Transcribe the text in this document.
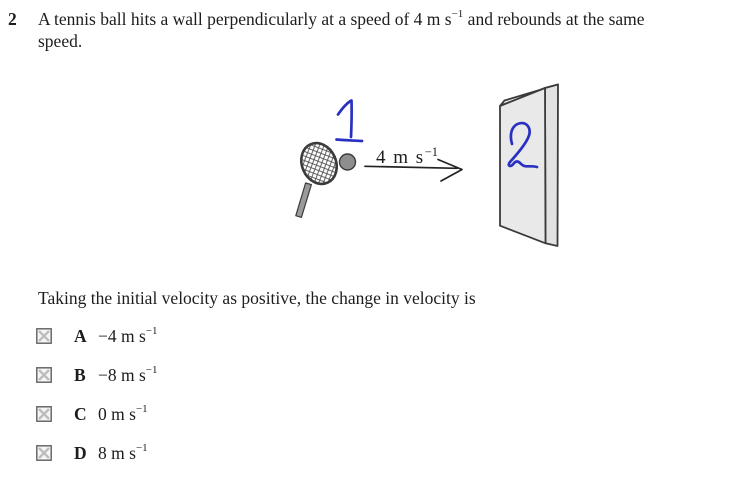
2 A tennis ball hits a wall perpendicularly at a speed of 4 m $s^{-1}$ and rebounds at the same

speed.

4 m $s^{-1}$

Taking the initial velocity as positive, the change in velocity is

A −4 m $s^{-1}$
B −8 m $s^{-1}$
C 0 m $s^{-1}$
D 8 m $s^{-1}$
